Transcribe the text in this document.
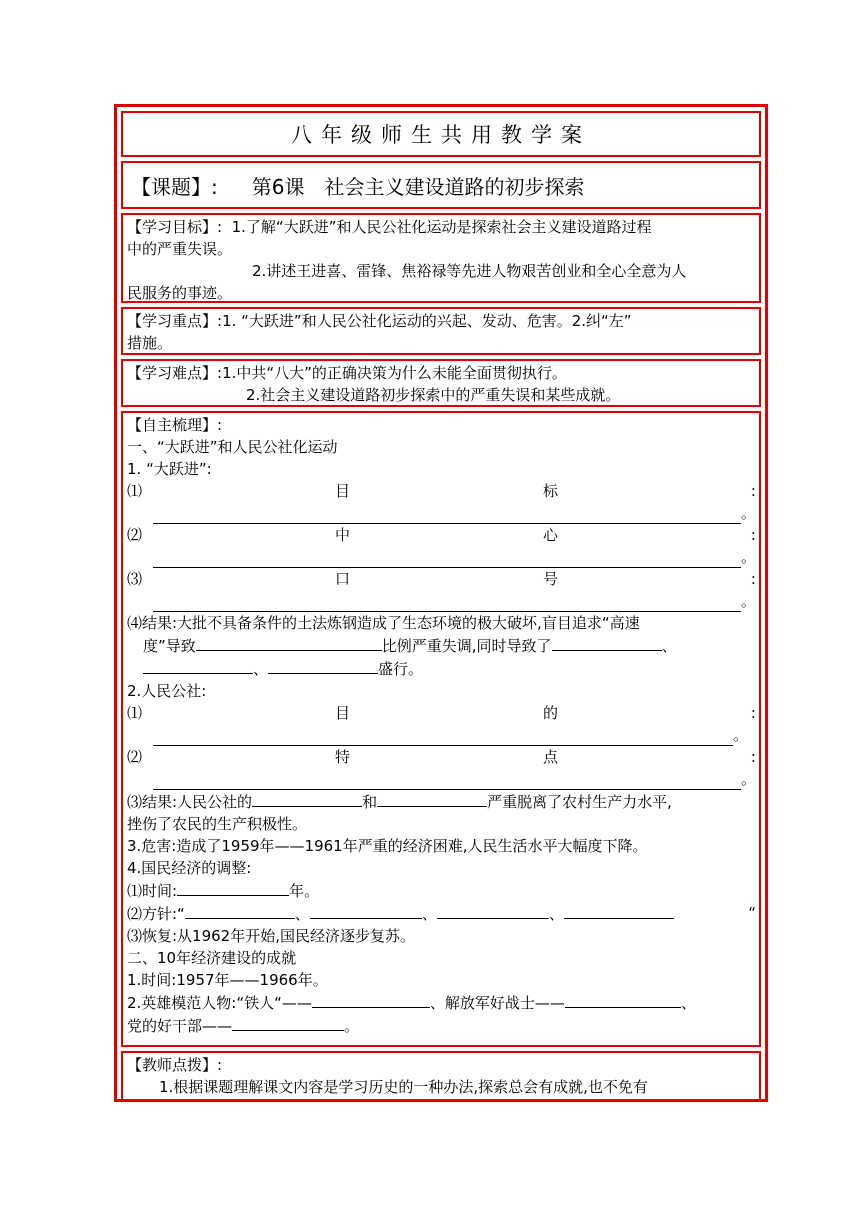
八年级师生共用教学案
【课题】: 第6课　社会主义建设道路的初步探索

【学习目标】: 1.了解“大跃进”和人民公社化运动是探索社会主义建设道路过程

中的严重失误。

2.讲述王进喜、雷锋、焦裕禄等先进人物艰苦创业和全心全意为人

民服务的事迹。

【学习重点】:1. “大跃进”和人民公社化运动的兴起、发动、危害。2.纠“左”

措施。

【学习难点】:1.中共“八大”的正确决策为什么未能全面贯彻执行。

2.社会主义建设道路初步探索中的严重失误和某些成就。

【自主梳理】:

一、“大跃进”和人民公社化运动

1. “大跃进”:

⑴	目	标	:

。

⑵	中	心	:

。

⑶	口	号	:

。

⑷结果:大批不具备条件的土法炼钢造成了生态环境的极大破坏,盲目追求“高速

度”导致	比例严重失调,同时导致了	、

、	盛行。

2.人民公社:

⑴	目	的	:

。

⑵	特	点	:

。

⑶结果:人民公社的	和	严重脱离了农村生产力水平,

挫伤了农民的生产积极性。

3.危害:造成了1959年——1961年严重的经济困难,人民生活水平大幅度下降。

4.国民经济的调整:

⑴时间:	年。

⑵方针:“	、	、	、	“

⑶恢复:从1962年开始,国民经济逐步复苏。

二、10年经济建设的成就

1.时间:1957年——1966年。

2.英雄模范人物:“铁人“——	、解放军好战士——	、

党的好干部——	。

【教师点拨】:

1.根据课题理解课文内容是学习历史的一种办法,探索总会有成就,也不免有
